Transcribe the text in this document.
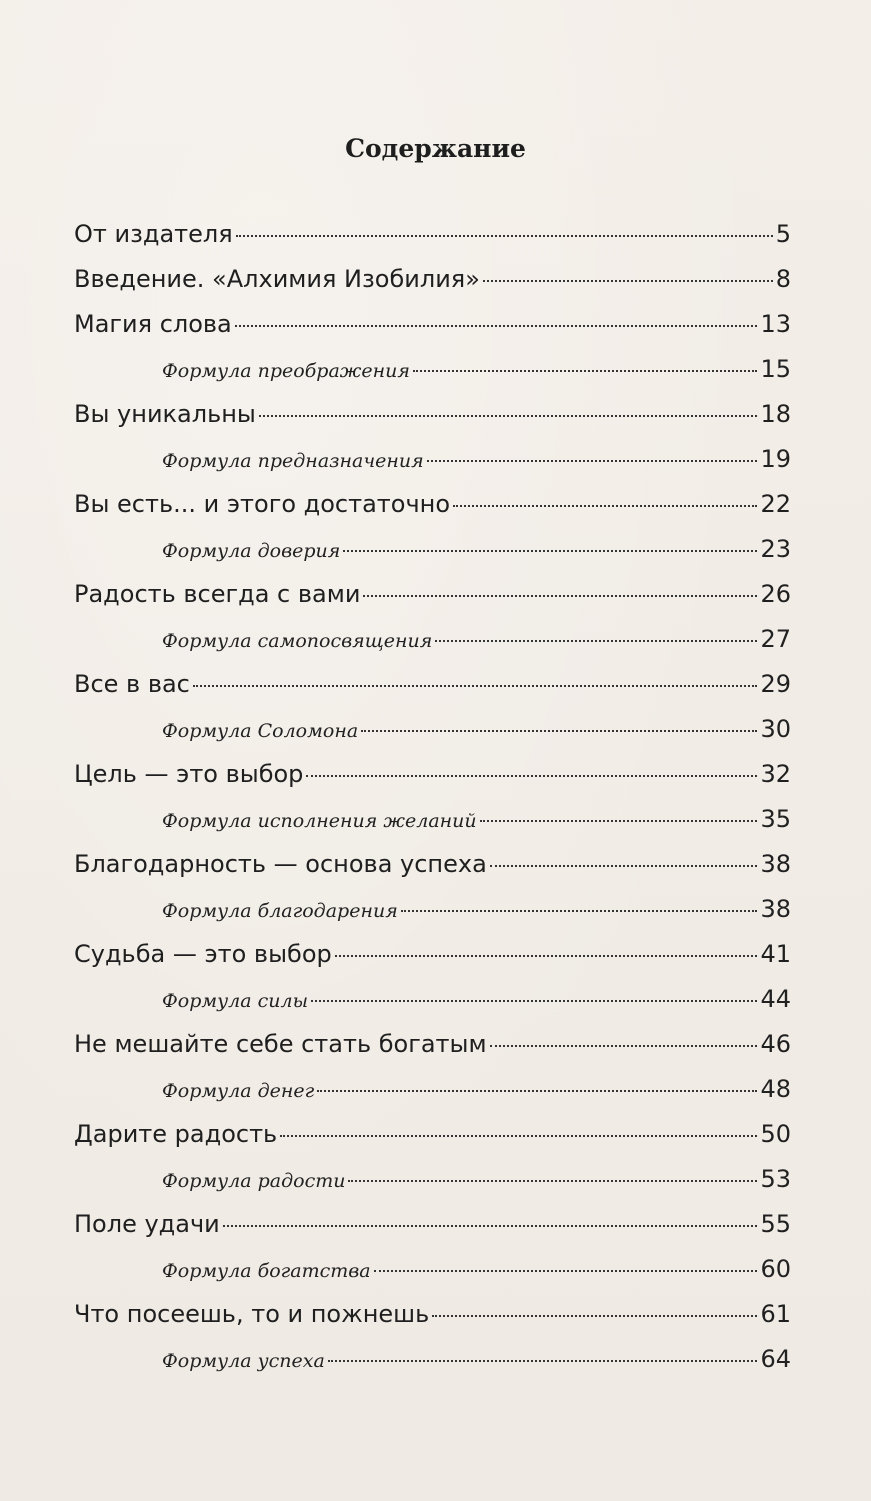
Содержание
От издателя	5
Введение. «Алхимия Изобилия»	8
Магия слова	13
Формула преображения	15
Вы уникальны	18
Формула предназначения	19
Вы есть... и этого достаточно	22
Формула доверия	23
Радость всегда с вами	26
Формула самопосвящения	27
Все в вас	29
Формула Соломона	30
Цель — это выбор	32
Формула исполнения желаний	35
Благодарность — основа успеха	38
Формула благодарения	38
Судьба — это выбор	41
Формула силы	44
Не мешайте себе стать богатым	46
Формула денег	48
Дарите радость	50
Формула радости	53
Поле удачи	55
Формула богатства	60
Что посеешь, то и пожнешь	61
Формула успеха	64
